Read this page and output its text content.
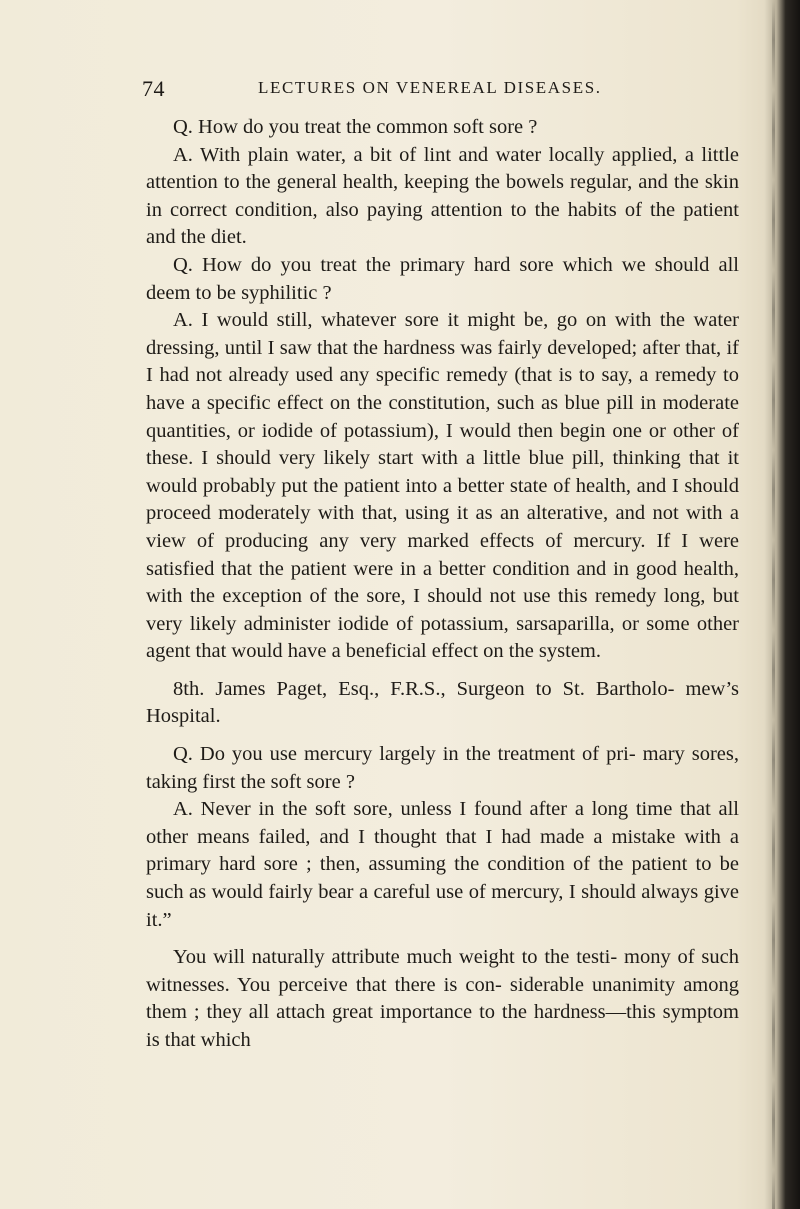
74	LECTURES ON VENEREAL DISEASES.

Q. How do you treat the common soft sore ?

A. With plain water, a bit of lint and water locally applied, a little attention to the general health, keeping the bowels regular, and the skin in correct condition, also paying attention to the habits of the patient and the diet.

Q. How do you treat the primary hard sore which we should all deem to be syphilitic ?

A. I would still, whatever sore it might be, go on with the water dressing, until I saw that the hardness was fairly developed; after that, if I had not already used any specific remedy (that is to say, a remedy to have a specific effect on the constitution, such as blue pill in moderate quantities, or iodide of potassium), I would then begin one or other of these. I should very likely start with a little blue pill, thinking that it would probably put the patient into a better state of health, and I should proceed moderately with that, using it as an alterative, and not with a view of producing any very marked effects of mercury. If I were satisfied that the patient were in a better condition and in good health, with the exception of the sore, I should not use this remedy long, but very likely administer iodide of potassium, sarsaparilla, or some other agent that would have a beneficial effect on the system.

8th. James Paget, Esq., F.R.S., Surgeon to St. Bartholo- mew’s Hospital.

Q. Do you use mercury largely in the treatment of pri- mary sores, taking first the soft sore ?

A. Never in the soft sore, unless I found after a long time that all other means failed, and I thought that I had made a mistake with a primary hard sore ; then, assuming the condition of the patient to be such as would fairly bear a careful use of mercury, I should always give it.”

You will naturally attribute much weight to the testi- mony of such witnesses. You perceive that there is con- siderable unanimity among them ; they all attach great importance to the hardness—this symptom is that which
